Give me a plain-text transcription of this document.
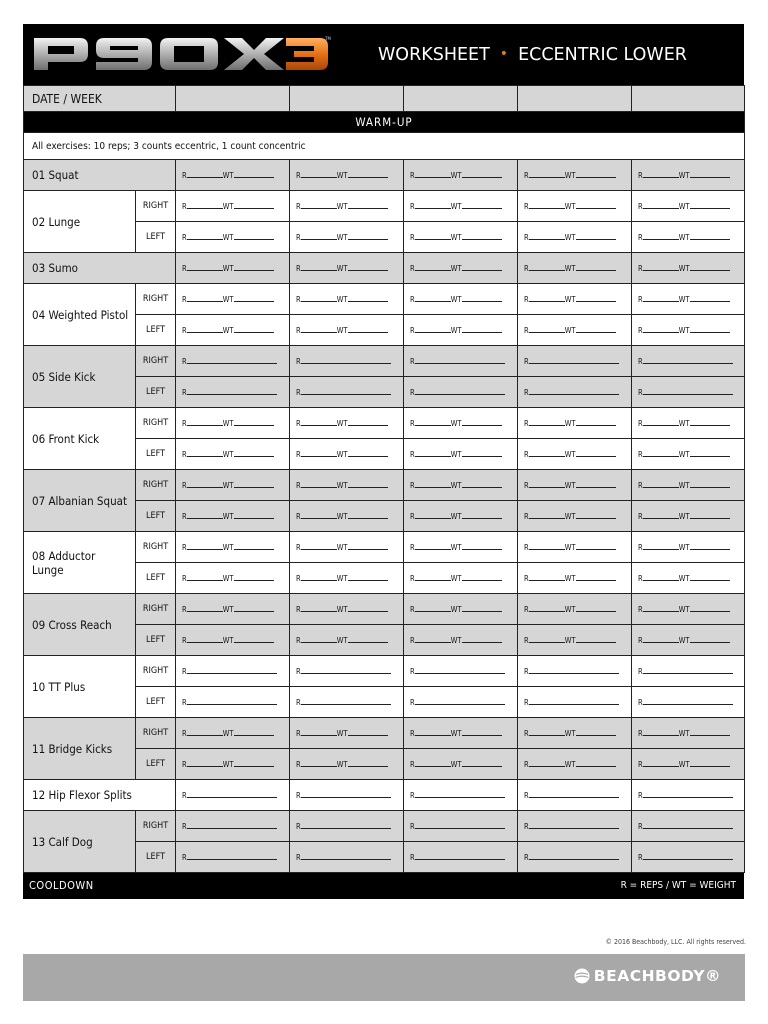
TM
WORKSHEET • ECCENTRIC LOWER
DATE / WEEK						
WARM-UP						
All exercises: 10 reps; 3 counts eccentric, 1 count concentric						
01 Squat		R WT	R WT	R WT	R WT	R WT
02 Lunge	RIGHT	R WT	R WT	R WT	R WT	R WT
	LEFT	R WT	R WT	R WT	R WT	R WT
03 Sumo		R WT	R WT	R WT	R WT	R WT
04 Weighted Pistol	RIGHT	R WT	R WT	R WT	R WT	R WT
	LEFT	R WT	R WT	R WT	R WT	R WT
05 Side Kick	RIGHT	R	R	R	R	R
	LEFT	R	R	R	R	R
06 Front Kick	RIGHT	R WT	R WT	R WT	R WT	R WT
	LEFT	R WT	R WT	R WT	R WT	R WT
07 Albanian Squat	RIGHT	R WT	R WT	R WT	R WT	R WT
	LEFT	R WT	R WT	R WT	R WT	R WT
08 Adductor
Lunge	RIGHT	R WT	R WT	R WT	R WT	R WT
	LEFT	R WT	R WT	R WT	R WT	R WT
09 Cross Reach	RIGHT	R WT	R WT	R WT	R WT	R WT
	LEFT	R WT	R WT	R WT	R WT	R WT
10 TT Plus	RIGHT	R	R	R	R	R
	LEFT	R	R	R	R	R
11 Bridge Kicks	RIGHT	R WT	R WT	R WT	R WT	R WT
	LEFT	R WT	R WT	R WT	R WT	R WT
12 Hip Flexor Splits		R	R	R	R	R
13 Calf Dog	RIGHT	R	R	R	R	R
	LEFT	R	R	R	R	R
COOLDOWN	R = REPS / WT = WEIGHT
© 2016 Beachbody, LLC. All rights reserved.
BEACHBODY®
